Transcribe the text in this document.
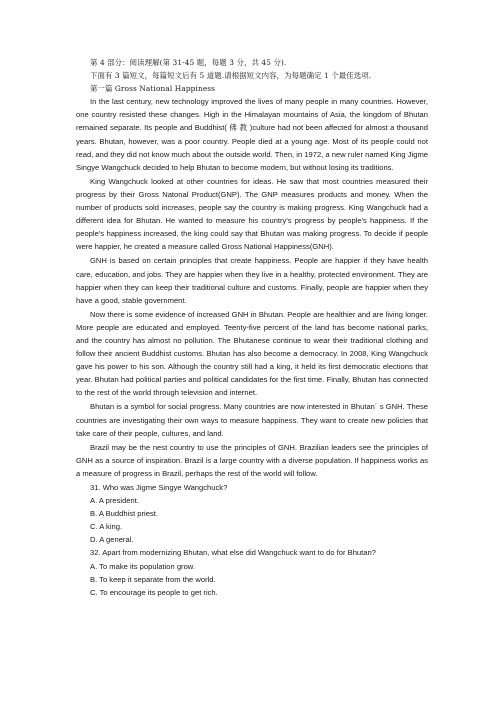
第 4 部分：阅读理解(第 31-45 题，每题 3 分，共 45 分).

下面有 3 篇短文，每篇短文后有 5 道题.请根据短文内容，为每题确定 1 个最佳选项.

第一篇 Gross National Happiness

In the last century, new technology improved the lives of many people in many countries. However, one country resisted these changes. High in the Himalayan mountains of Asia, the kingdom of Bhutan remained separate. Its people and Buddhist( 佛 教 )culture had not been affected for almost a thousand years. Bhutan, however, was a poor country. People died at a young age. Most of its people could not read, and they did not know much about the outside world. Then, in 1972, a new ruler named King Jigme Singye Wangchuck decided to help Bhutan to become modern, but without losing its traditions.

King Wangchuck looked at other countries for ideas. He saw that most countries measured their progress by their Gross Natonal Product(GNP). The GNP measures products and money. When the number of products sold increases, people say the country is making progress. King Wangchuck had a different idea for Bhutan. He wanted to measure his country's progress by people's happiness. If the people's happiness increased, the king could say that Bhutan was making progress. To decide if people were happier, he created a measure called Gross National Happiness(GNH).

GNH is based on certain principles that create happiness. People are happier if they have health care, education, and jobs. They are happier when they live in a healthy, protected environment. They are happier when they can keep their traditional culture and customs. Finally, people are happier when they have a good, stable government.

Now there is some evidence of increased GNH in Bhutan. People are healthier and are living longer. More people are educated and employed. Teenty-five percent of the land has become national parks, and the country has almost no pollution. The Bhutanese continue to wear their traditional clothing and follow their ancient Buddhist customs. Bhutan has also become a democracy. In 2008, King Wangchuck gave his power to his son. Although the country still had a king, it held its first democratic elections that year. Bhutan had political parties and political candidates for the first time. Finally, Bhutan has connected to the rest of the world through television and internet.

Bhutan is a symbol for social progress. Many countries are now interested in Bhutan´ s GNH. These countries are investigating their own ways to measure happiness. They want to create new policies that take care of their people, cultures, and land.

Brazil may be the nest country to use the principles of GNH. Brazilian leaders see the principles of GNH as a source of inspiration. Brazil is a large country with a diverse population. If happiness works as a measure of progress in Brazil, perhaps the rest of the world will follow.

31. Who was Jigme Singye Wangchuck?

A. A president.

B. A Buddhist priest.

C. A king.

D. A general.

32. Apart from modernizing Bhutan, what else did Wangchuck want to do for Bhutan?

A. To make its population grow.

B. To keep it separate from the world.

C. To encourage its people to get rich.
